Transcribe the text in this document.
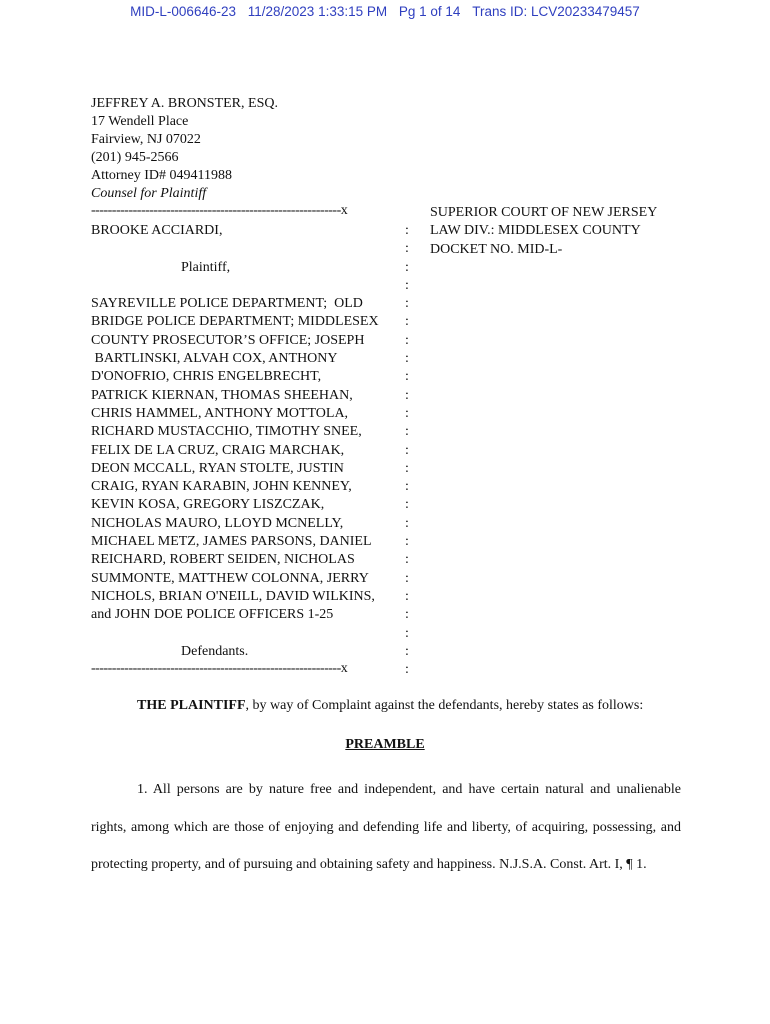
MID-L-006646-23 11/28/2023 1:33:15 PM Pg 1 of 14 Trans ID: LCV20233479457
JEFFREY A. BRONSTER, ESQ.
17 Wendell Place
Fairview, NJ 07022
(201) 945-2566
Attorney ID# 049411988
Counsel for Plaintiff
------------------------------------------------------------x	SUPERIOR COURT OF NEW JERSEY
LAW DIV.: MIDDLESEX COUNTY
DOCKET NO. MID-L-
BROOKE ACCIARDI,
Plaintiff,
SAYREVILLE POLICE DEPARTMENT;  OLD
BRIDGE POLICE DEPARTMENT; MIDDLESEX
COUNTY PROSECUTOR’S OFFICE; JOSEPH
BARTLINSKI, ALVAH COX, ANTHONY
D'ONOFRIO, CHRIS ENGELBRECHT,
PATRICK KIERNAN, THOMAS SHEEHAN,
CHRIS HAMMEL, ANTHONY MOTTOLA,
RICHARD MUSTACCHIO, TIMOTHY SNEE,
FELIX DE LA CRUZ, CRAIG MARCHAK,
DEON MCCALL, RYAN STOLTE, JUSTIN
CRAIG, RYAN KARABIN, JOHN KENNEY,
KEVIN KOSA, GREGORY LISZCZAK,
NICHOLAS MAURO, LLOYD MCNELLY,
MICHAEL METZ, JAMES PARSONS, DANIEL
REICHARD, ROBERT SEIDEN, NICHOLAS
SUMMONTE, MATTHEW COLONNA, JERRY
NICHOLS, BRIAN O'NEILL, DAVID WILKINS,
and JOHN DOE POLICE OFFICERS 1-25
Defendants.
:
:
:
:
:
:
:
:
:
:
:
:
:
:
:
:
:
:
:
:
:
:
:
:
:
------------------------------------------------------------x
THE PLAINTIFF, by way of Complaint against the defendants, hereby states as follows:
PREAMBLE
1. All persons are by nature free and independent, and have certain natural and unalienable rights, among which are those of enjoying and defending life and liberty, of acquiring, possessing, and protecting property, and of pursuing and obtaining safety and happiness. N.J.S.A. Const. Art. I, ¶ 1.
